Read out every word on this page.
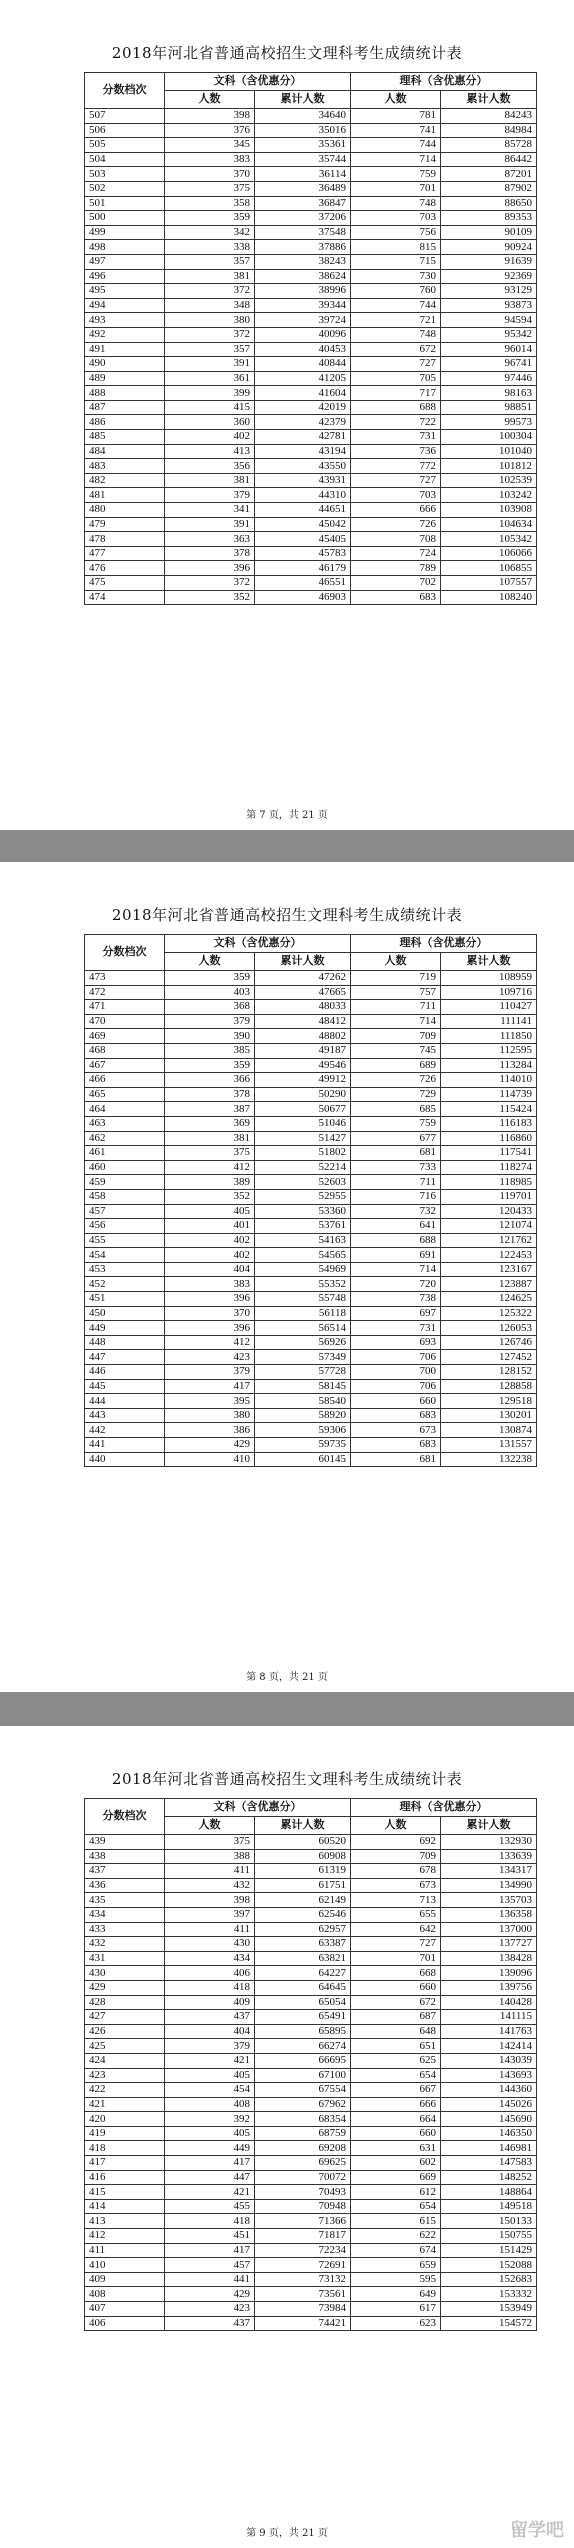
2018年河北省普通高校招生文理科考生成绩统计表
分数档次	文科（含优惠分）		理科（含优惠分）	
	人数	累计人数	人数	累计人数
507	398	34640	781	84243
506	376	35016	741	84984
505	345	35361	744	85728
504	383	35744	714	86442
503	370	36114	759	87201
502	375	36489	701	87902
501	358	36847	748	88650
500	359	37206	703	89353
499	342	37548	756	90109
498	338	37886	815	90924
497	357	38243	715	91639
496	381	38624	730	92369
495	372	38996	760	93129
494	348	39344	744	93873
493	380	39724	721	94594
492	372	40096	748	95342
491	357	40453	672	96014
490	391	40844	727	96741
489	361	41205	705	97446
488	399	41604	717	98163
487	415	42019	688	98851
486	360	42379	722	99573
485	402	42781	731	100304
484	413	43194	736	101040
483	356	43550	772	101812
482	381	43931	727	102539
481	379	44310	703	103242
480	341	44651	666	103908
479	391	45042	726	104634
478	363	45405	708	105342
477	378	45783	724	106066
476	396	46179	789	106855
475	372	46551	702	107557
474	352	46903	683	108240
第 7 页，共 21 页
2018年河北省普通高校招生文理科考生成绩统计表
分数档次	文科（含优惠分）		理科（含优惠分）	
	人数	累计人数	人数	累计人数
473	359	47262	719	108959
472	403	47665	757	109716
471	368	48033	711	110427
470	379	48412	714	111141
469	390	48802	709	111850
468	385	49187	745	112595
467	359	49546	689	113284
466	366	49912	726	114010
465	378	50290	729	114739
464	387	50677	685	115424
463	369	51046	759	116183
462	381	51427	677	116860
461	375	51802	681	117541
460	412	52214	733	118274
459	389	52603	711	118985
458	352	52955	716	119701
457	405	53360	732	120433
456	401	53761	641	121074
455	402	54163	688	121762
454	402	54565	691	122453
453	404	54969	714	123167
452	383	55352	720	123887
451	396	55748	738	124625
450	370	56118	697	125322
449	396	56514	731	126053
448	412	56926	693	126746
447	423	57349	706	127452
446	379	57728	700	128152
445	417	58145	706	128858
444	395	58540	660	129518
443	380	58920	683	130201
442	386	59306	673	130874
441	429	59735	683	131557
440	410	60145	681	132238
第 8 页，共 21 页
2018年河北省普通高校招生文理科考生成绩统计表
分数档次	文科（含优惠分）		理科（含优惠分）	
	人数	累计人数	人数	累计人数
439	375	60520	692	132930
438	388	60908	709	133639
437	411	61319	678	134317
436	432	61751	673	134990
435	398	62149	713	135703
434	397	62546	655	136358
433	411	62957	642	137000
432	430	63387	727	137727
431	434	63821	701	138428
430	406	64227	668	139096
429	418	64645	660	139756
428	409	65054	672	140428
427	437	65491	687	141115
426	404	65895	648	141763
425	379	66274	651	142414
424	421	66695	625	143039
423	405	67100	654	143693
422	454	67554	667	144360
421	408	67962	666	145026
420	392	68354	664	145690
419	405	68759	660	146350
418	449	69208	631	146981
417	417	69625	602	147583
416	447	70072	669	148252
415	421	70493	612	148864
414	455	70948	654	149518
413	418	71366	615	150133
412	451	71817	622	150755
411	417	72234	674	151429
410	457	72691	659	152088
409	441	73132	595	152683
408	429	73561	649	153332
407	423	73984	617	153949
406	437	74421	623	154572
第 9 页，共 21 页	留学吧
